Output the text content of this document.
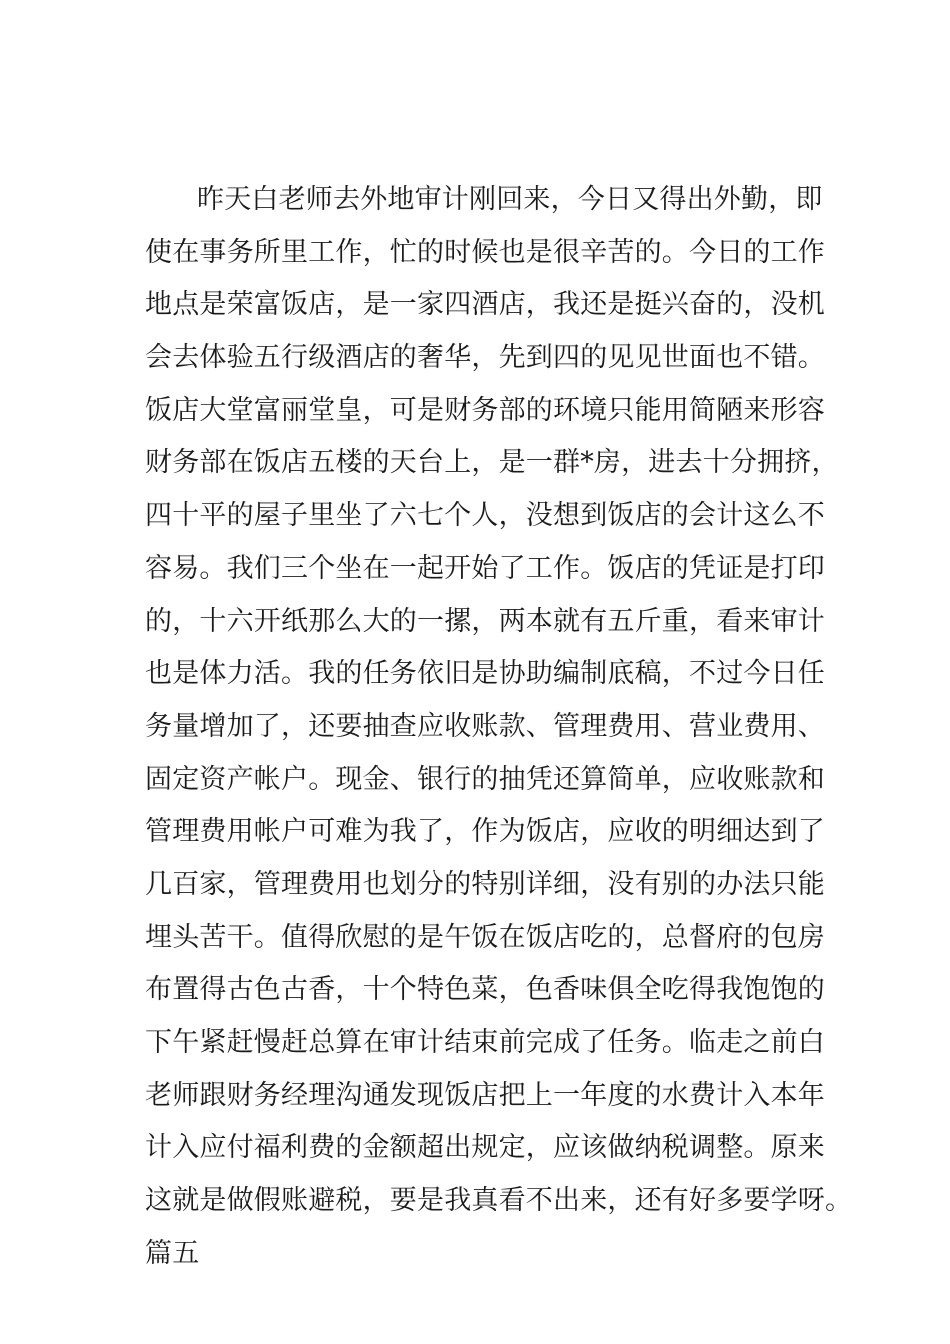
昨天白老师去外地审计刚回来，今日又得出外勤，即
使在事务所里工作，忙的时候也是很辛苦的。今日的工作
地点是荣富饭店，是一家四酒店，我还是挺兴奋的，没机
会去体验五行级酒店的奢华，先到四的见见世面也不错。
饭店大堂富丽堂皇，可是财务部的环境只能用简陋来形容
财务部在饭店五楼的天台上，是一群*房，进去十分拥挤，
四十平的屋子里坐了六七个人，没想到饭店的会计这么不
容易。我们三个坐在一起开始了工作。饭店的凭证是打印
的，十六开纸那么大的一摞，两本就有五斤重，看来审计
也是体力活。我的任务依旧是协助编制底稿，不过今日任
务量增加了，还要抽查应收账款、管理费用、营业费用、
固定资产帐户。现金、银行的抽凭还算简单，应收账款和
管理费用帐户可难为我了，作为饭店，应收的明细达到了
几百家，管理费用也划分的特别详细，没有别的办法只能
埋头苦干。值得欣慰的是午饭在饭店吃的，总督府的包房
布置得古色古香，十个特色菜，色香味俱全吃得我饱饱的
下午紧赶慢赶总算在审计结束前完成了任务。临走之前白
老师跟财务经理沟通发现饭店把上一年度的水费计入本年
计入应付福利费的金额超出规定，应该做纳税调整。原来
这就是做假账避税，要是我真看不出来，还有好多要学呀。
篇五
